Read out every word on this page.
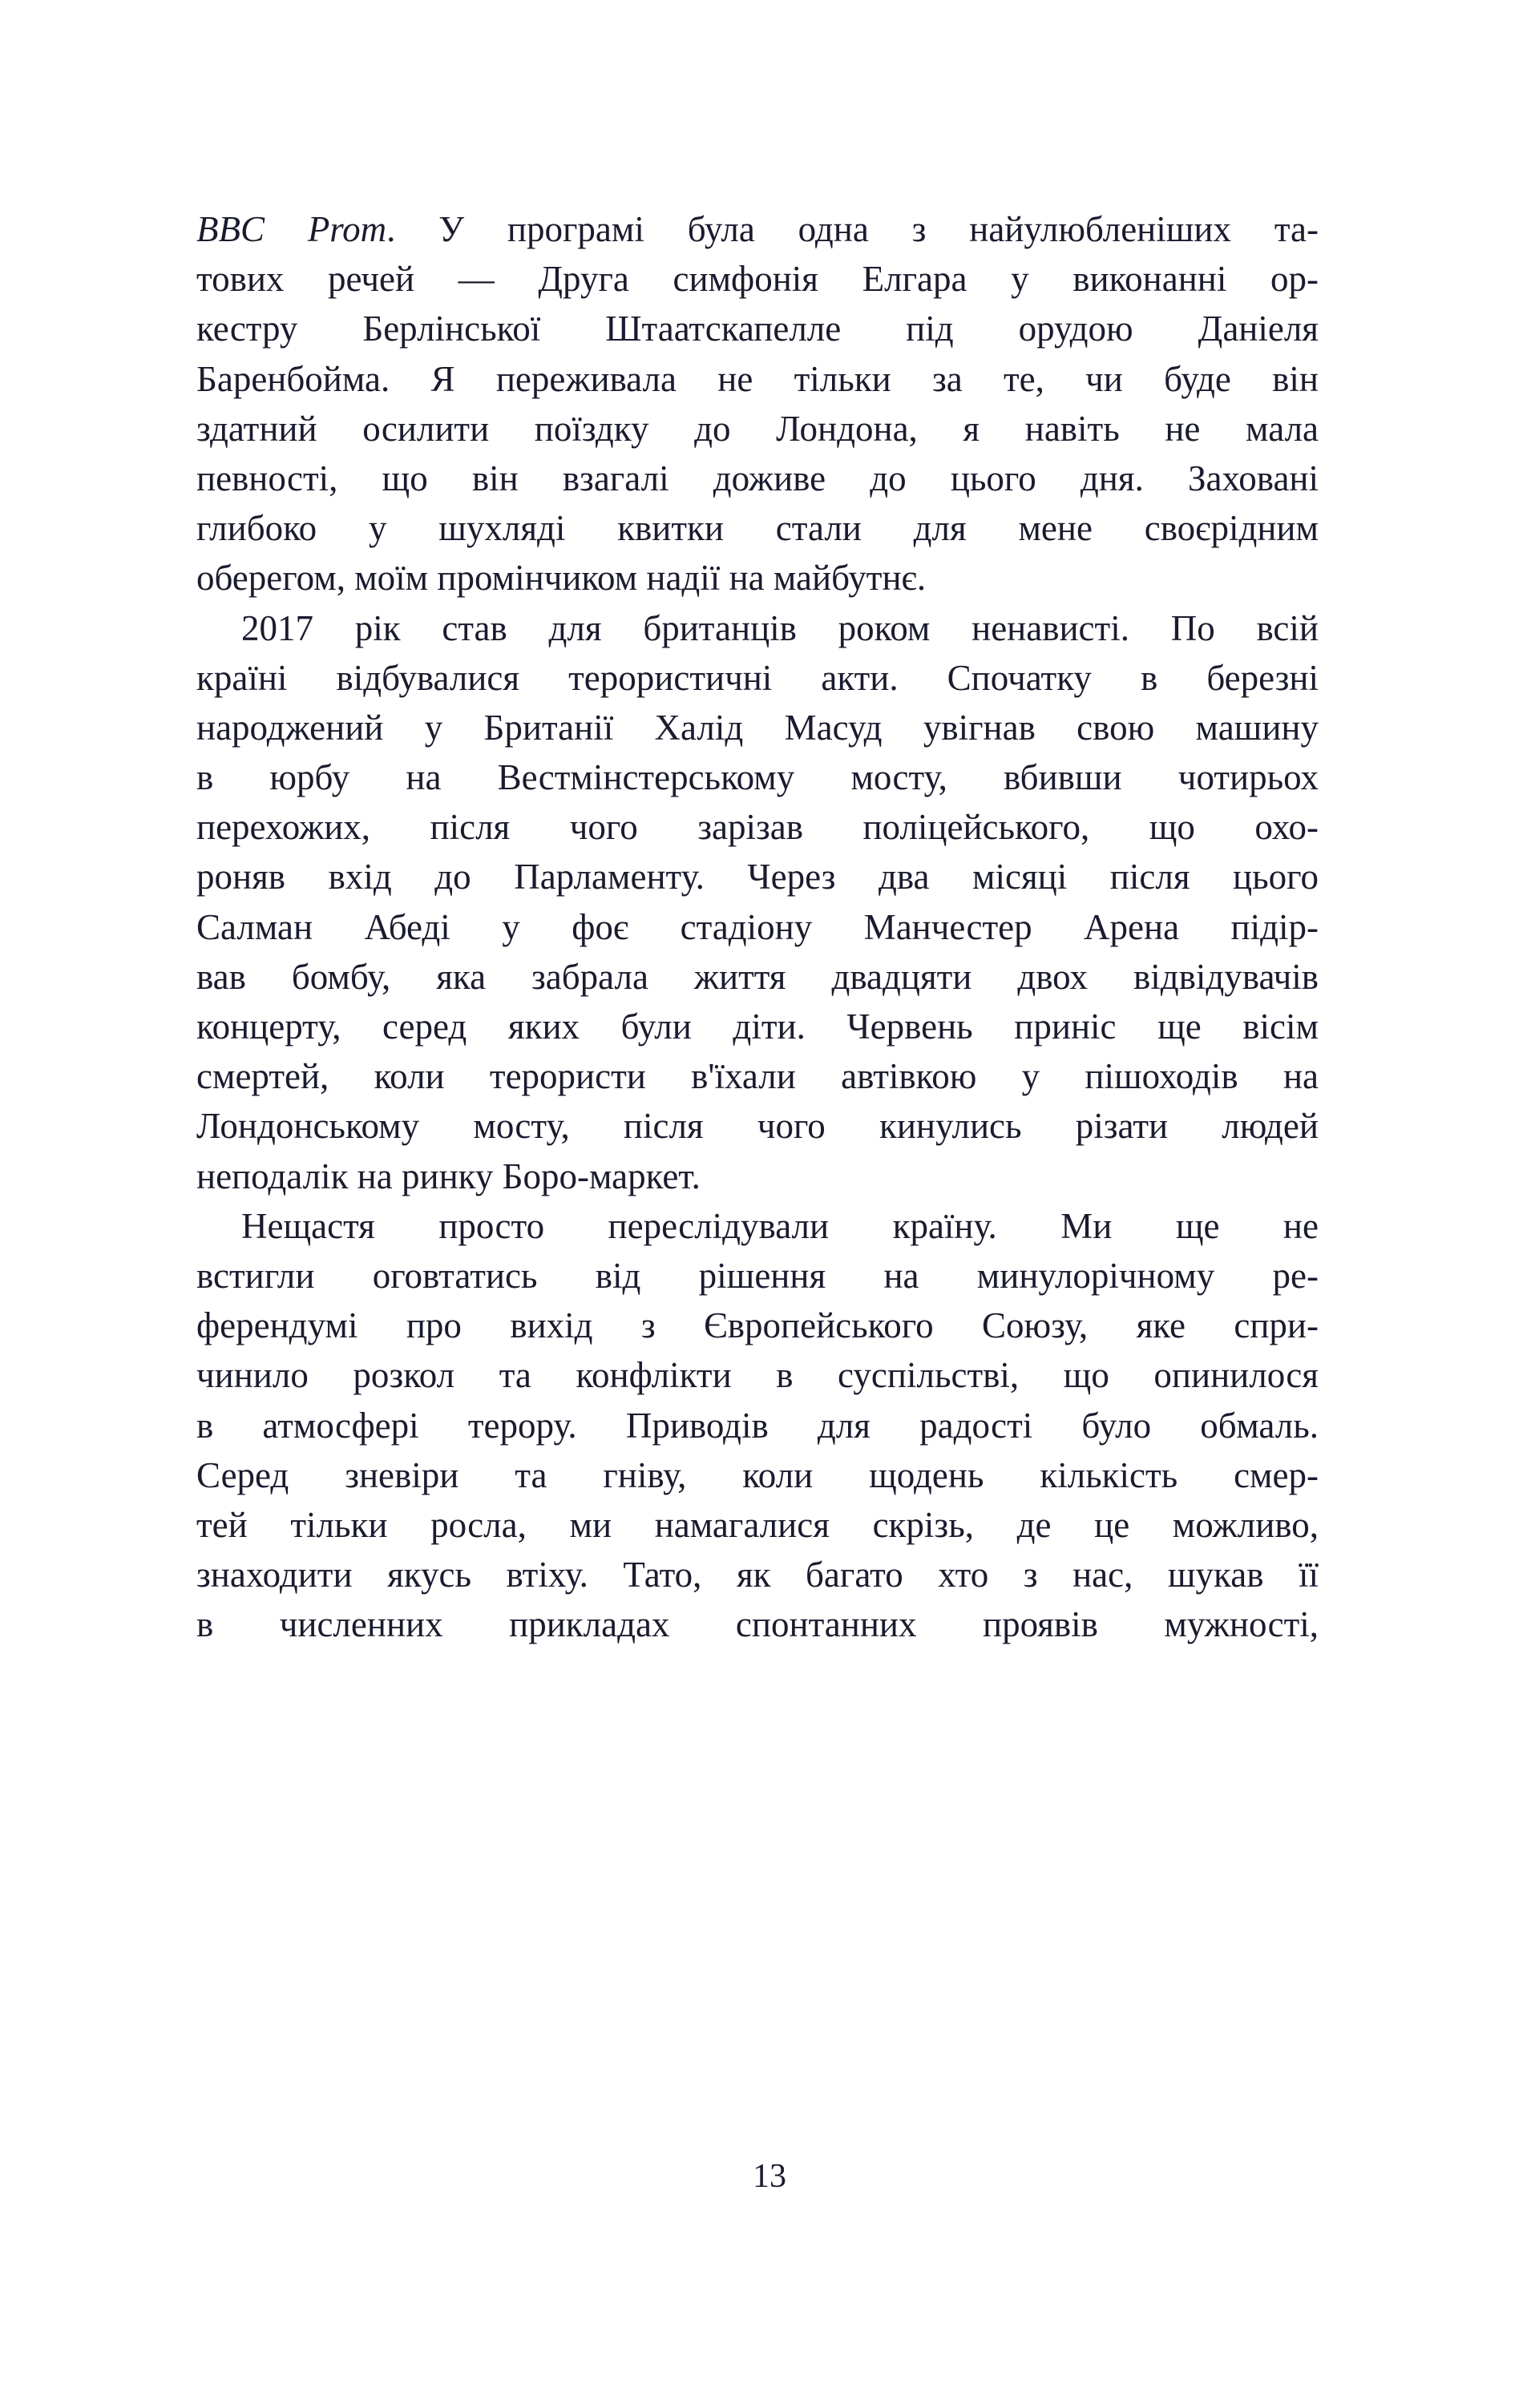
BBC Prom. У програмі була одна з найулюбленіших та-
тових речей — Друга симфонія Елгара у виконанні ор-
кестру Берлінської Штаатскапелле під орудою Даніеля
Баренбойма. Я переживала не тільки за те, чи буде він
здатний осилити поїздку до Лондона, я навіть не мала
певності, що він взагалі доживе до цього дня. Заховані
глибоко у шухляді квитки стали для мене своєрідним
оберегом, моїм промінчиком надії на майбутнє.
2017 рік став для британців роком ненависті. По всій
країні відбувалися терористичні акти. Спочатку в березні
народжений у Британії Халід Масуд увігнав свою машину
в юрбу на Вестмінстерському мосту, вбивши чотирьох
перехожих, після чого зарізав поліцейського, що охо-
роняв вхід до Парламенту. Через два місяці після цього
Салман Абеді у фоє стадіону Манчестер Арена підір-
вав бомбу, яка забрала життя двадцяти двох відвідувачів
концерту, серед яких були діти. Червень приніс ще вісім
смертей, коли терористи в'їхали автівкою у пішоходів на
Лондонському мосту, після чого кинулись різати людей
неподалік на ринку Боро-маркет.
Нещастя просто переслідували країну. Ми ще не
встигли оговтатись від рішення на минулорічному ре-
ферендумі про вихід з Європейського Союзу, яке спри-
чинило розкол та конфлікти в суспільстві, що опинилося
в атмосфері терору. Приводів для радості було обмаль.
Серед зневіри та гніву, коли щодень кількість смер-
тей тільки росла, ми намагалися скрізь, де це можливо,
знаходити якусь втіху. Тато, як багато хто з нас, шукав її
в численних прикладах спонтанних проявів мужності,
13
